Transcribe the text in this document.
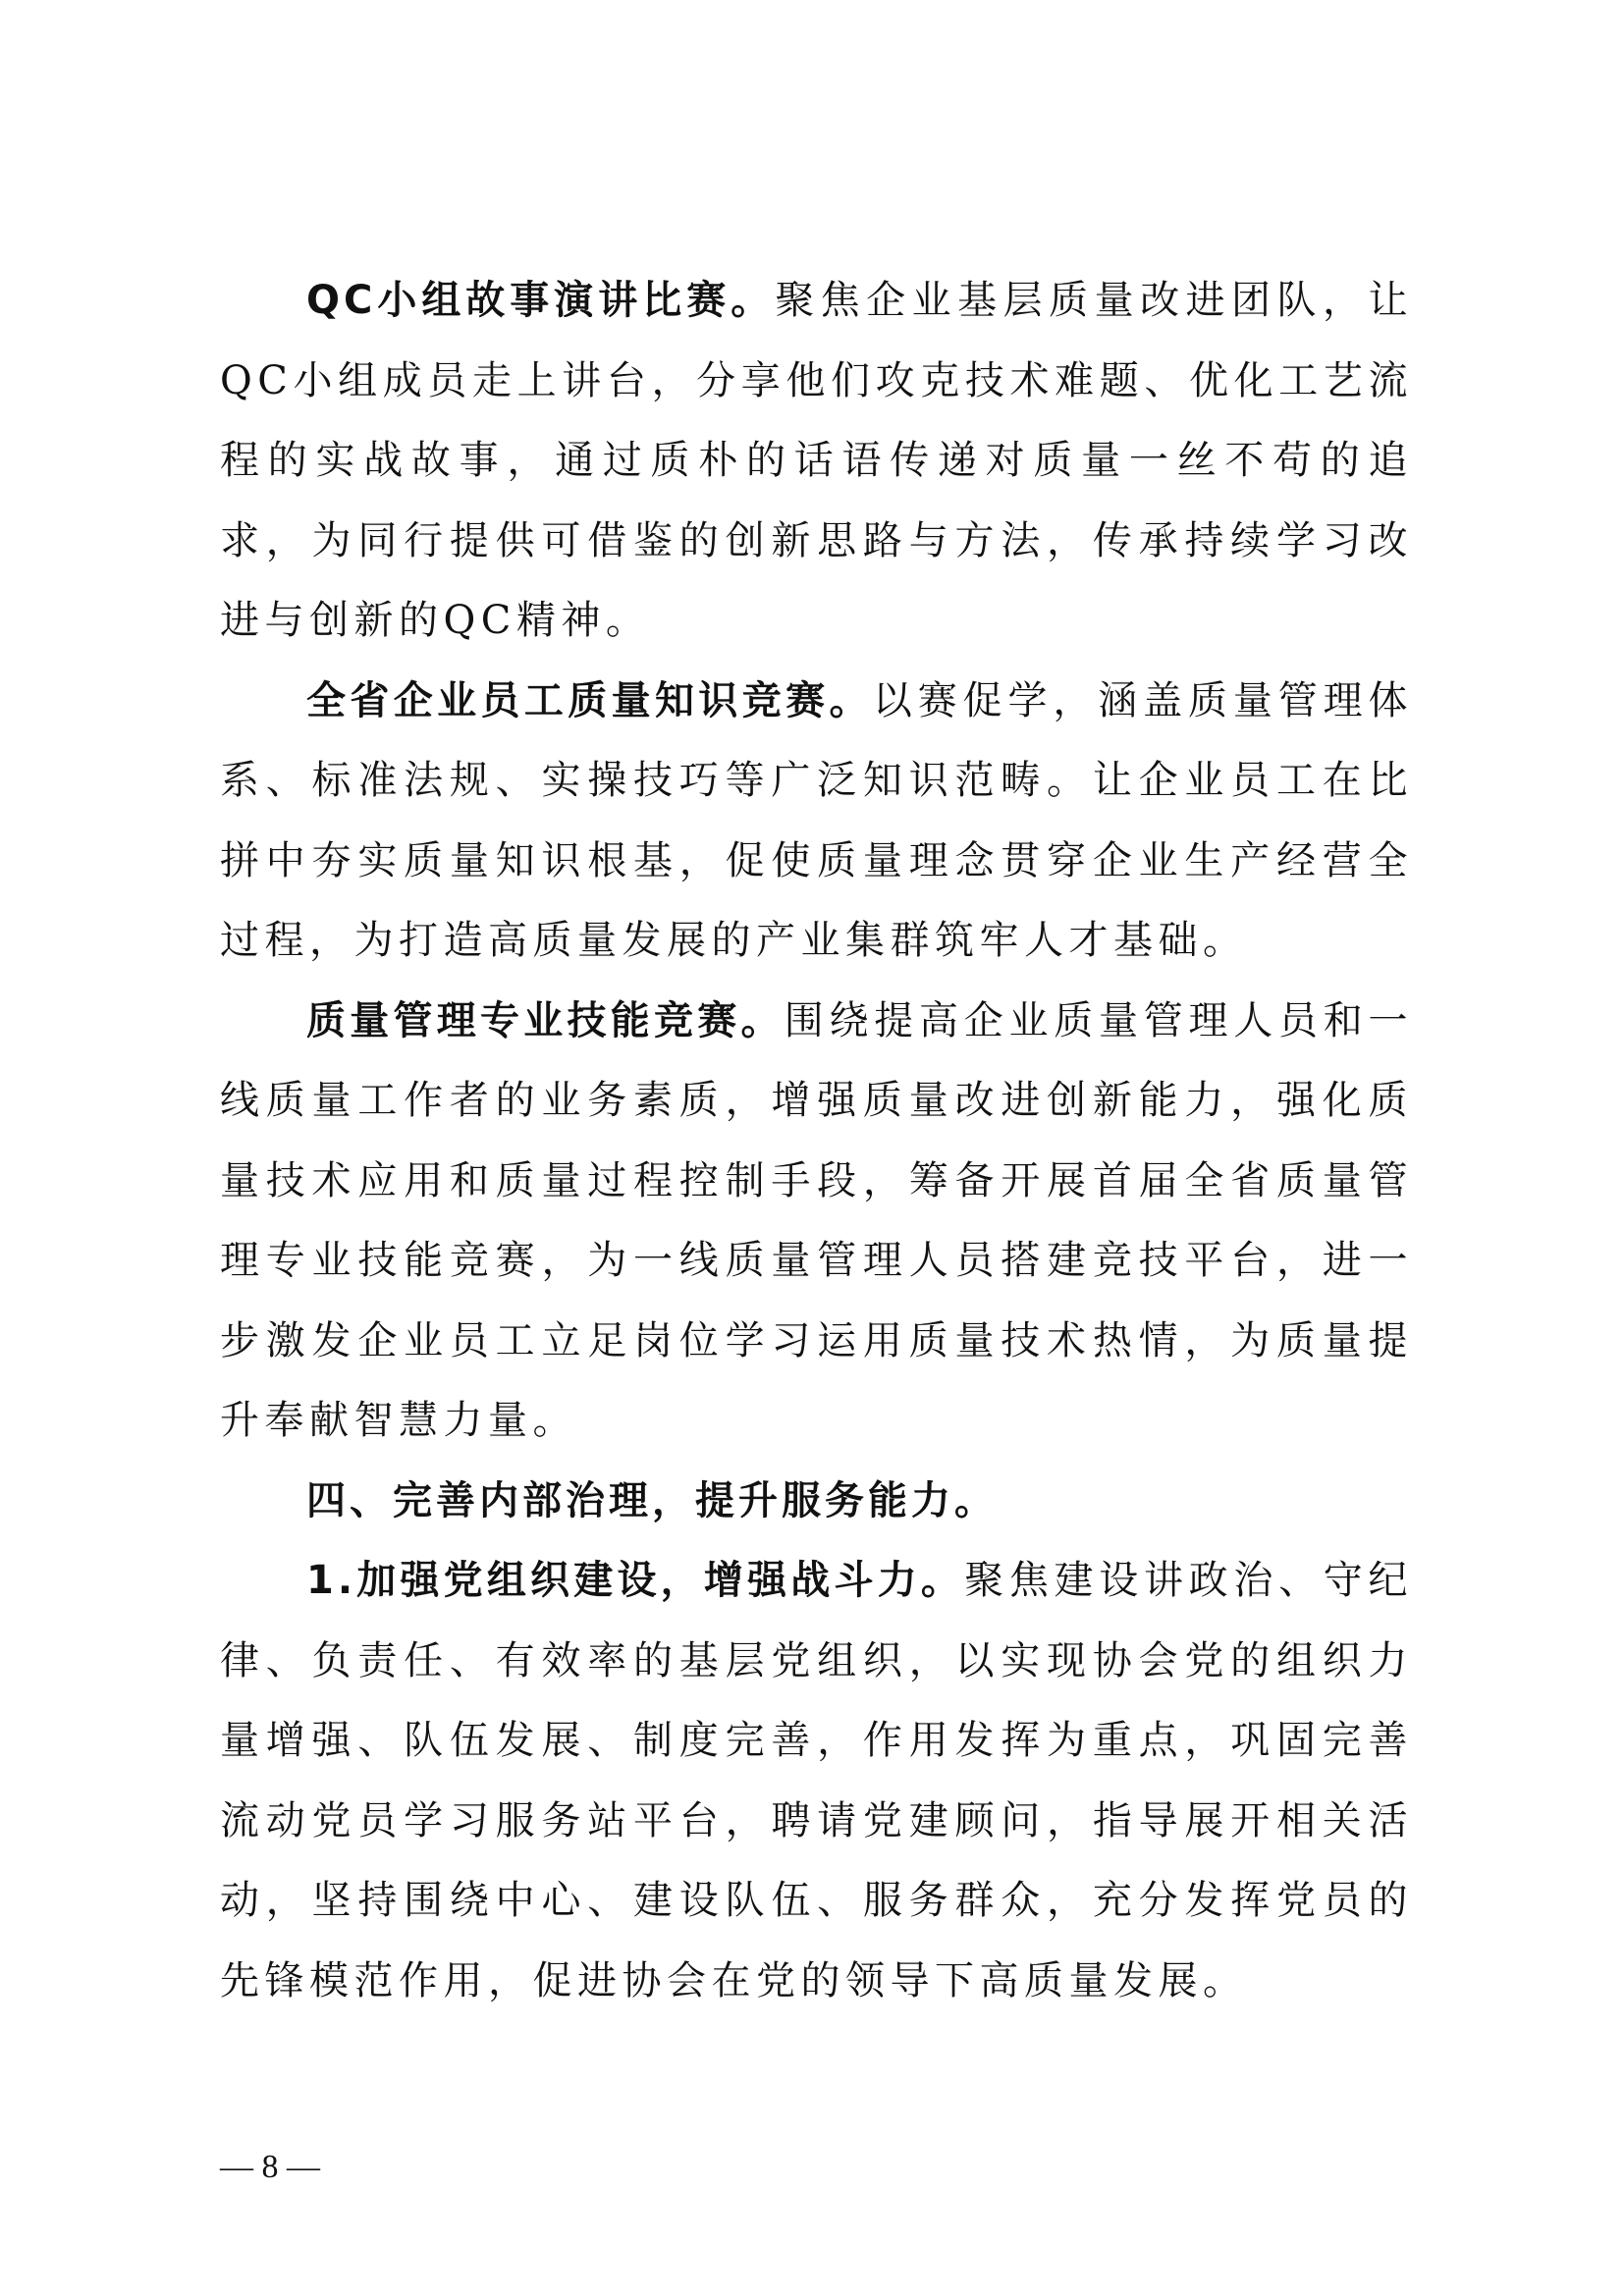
QC小组故事演讲比赛。聚焦企业基层质量改进团队，让QC小组成员走上讲台，分享他们攻克技术难题、优化工艺流程的实战故事，通过质朴的话语传递对质量一丝不苟的追求，为同行提供可借鉴的创新思路与方法，传承持续学习改进与创新的QC精神。

全省企业员工质量知识竞赛。以赛促学，涵盖质量管理体系、标准法规、实操技巧等广泛知识范畴。让企业员工在比拼中夯实质量知识根基，促使质量理念贯穿企业生产经营全过程，为打造高质量发展的产业集群筑牢人才基础。

质量管理专业技能竞赛。围绕提高企业质量管理人员和一线质量工作者的业务素质，增强质量改进创新能力，强化质量技术应用和质量过程控制手段，筹备开展首届全省质量管理专业技能竞赛，为一线质量管理人员搭建竞技平台，进一步激发企业员工立足岗位学习运用质量技术热情，为质量提升奉献智慧力量。

四、完善内部治理，提升服务能力。

1.加强党组织建设，增强战斗力。聚焦建设讲政治、守纪律、负责任、有效率的基层党组织，以实现协会党的组织力量增强、队伍发展、制度完善，作用发挥为重点，巩固完善流动党员学习服务站平台，聘请党建顾问，指导展开相关活动，坚持围绕中心、建设队伍、服务群众，充分发挥党员的先锋模范作用，促进协会在党的领导下高质量发展。

— 8 —
